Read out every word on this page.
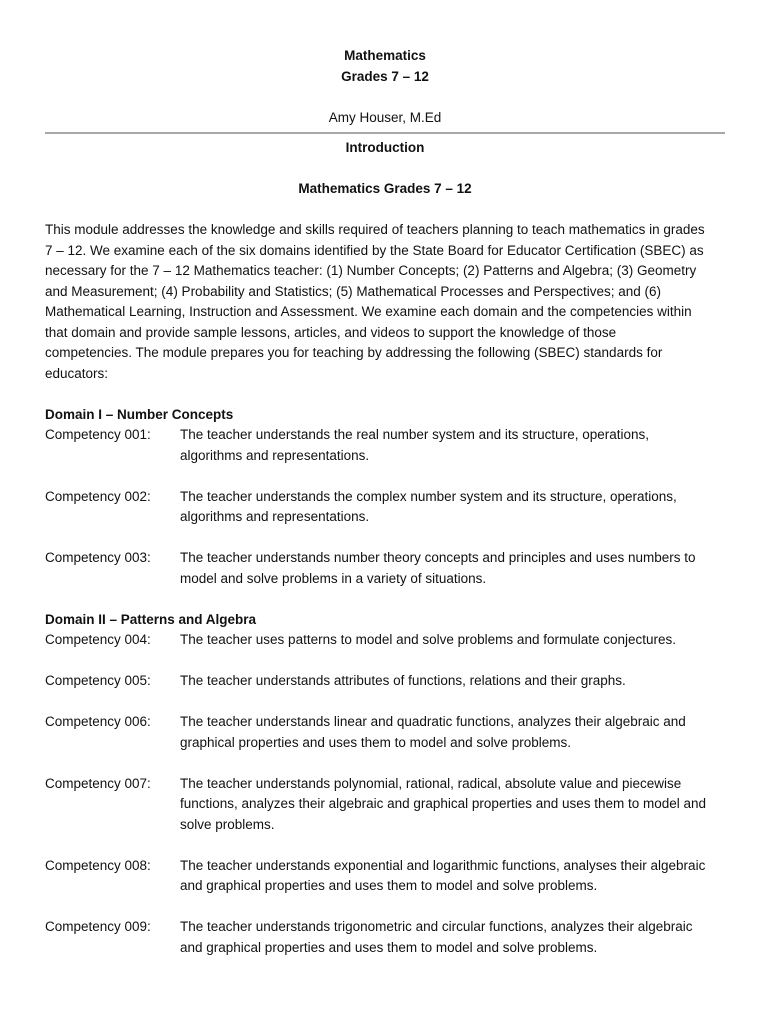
Mathematics
Grades 7 – 12
Amy Houser, M.Ed
Introduction
Mathematics Grades 7 – 12
This module addresses the knowledge and skills required of teachers planning to teach mathematics in grades
7 – 12. We examine each of the six domains identified by the State Board for Educator Certification (SBEC) as
necessary for the 7 – 12 Mathematics teacher: (1) Number Concepts; (2) Patterns and Algebra; (3) Geometry
and Measurement; (4) Probability and Statistics; (5) Mathematical Processes and Perspectives; and (6)
Mathematical Learning, Instruction and Assessment. We examine each domain and the competencies within
that domain and provide sample lessons, articles, and videos to support the knowledge of those
competencies. The module prepares you for teaching by addressing the following (SBEC) standards for
educators:
Domain I – Number Concepts
Competency 001:	The teacher understands the real number system and its structure, operations,
algorithms and representations.
Competency 002:	The teacher understands the complex number system and its structure, operations,
algorithms and representations.
Competency 003:	The teacher understands number theory concepts and principles and uses numbers to
model and solve problems in a variety of situations.
Domain II – Patterns and Algebra
Competency 004:	The teacher uses patterns to model and solve problems and formulate conjectures.
Competency 005:	The teacher understands attributes of functions, relations and their graphs.
Competency 006:	The teacher understands linear and quadratic functions, analyzes their algebraic and
graphical properties and uses them to model and solve problems.
Competency 007:	The teacher understands polynomial, rational, radical, absolute value and piecewise
functions, analyzes their algebraic and graphical properties and uses them to model and
solve problems.
Competency 008:	The teacher understands exponential and logarithmic functions, analyses their algebraic
and graphical properties and uses them to model and solve problems.
Competency 009:	The teacher understands trigonometric and circular functions, analyzes their algebraic
and graphical properties and uses them to model and solve problems.
